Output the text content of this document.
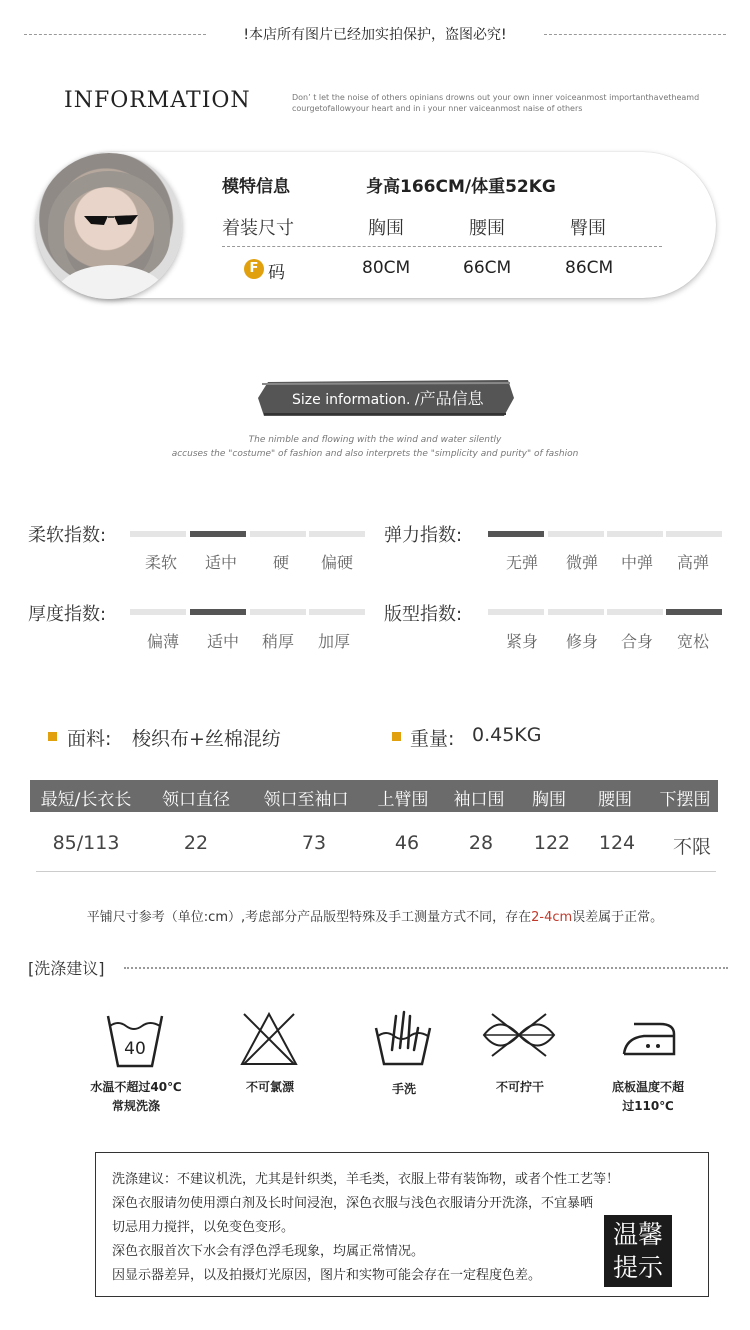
!本店所有图片已经加实拍保护，盗图必究!
INFORMATION	Don’ t let the noise of others opinians drowns out your own inner voiceanmost importanthavetheamd
courgetofallowyour heart and in i your nner vaiceanmost naise of others
模特信息	身高166CM/体重52KG
着装尺寸	胸围	腰围	臀围
F 码	80CM	66CM	86CM
Size information. /产品信息
The nimble and flowing with the wind and water silently
accuses the "costume" of fashion and also interprets the "simplicity and purity" of fashion
柔软指数:
柔软	适中	硬	偏硬
弹力指数:
无弹	微弹	中弹	高弹
厚度指数:
偏薄	适中	稍厚	加厚
版型指数:
紧身	修身	合身	宽松
面料: 梭织布+丝棉混纺	重量: 0.45KG
最短/长衣长	领口直径	领口至袖口	上臂围	袖口围	胸围	腰围	下摆围
85/113	22	73	46	28	122	124	不限
平铺尺寸参考（单位:cm）,考虑部分产品版型特殊及手工测量方式不同，存在2-4cm误差属于正常。
[洗涤建议]
40
水温不超过40℃
常规洗涤
不可氯漂	手洗	不可拧干	底板温度不超
过110℃
洗涤建议：不建议机洗，尤其是针织类，羊毛类，衣服上带有装饰物，或者个性工艺等！
深色衣服请勿使用漂白剂及长时间浸泡，深色衣服与浅色衣服请分开洗涤，不宜暴晒
切忌用力搅拌，以免变色变形。
深色衣服首次下水会有浮色浮毛现象，均属正常情况。
因显示器差异，以及拍摄灯光原因，图片和实物可能会存在一定程度色差。
温馨
提示
